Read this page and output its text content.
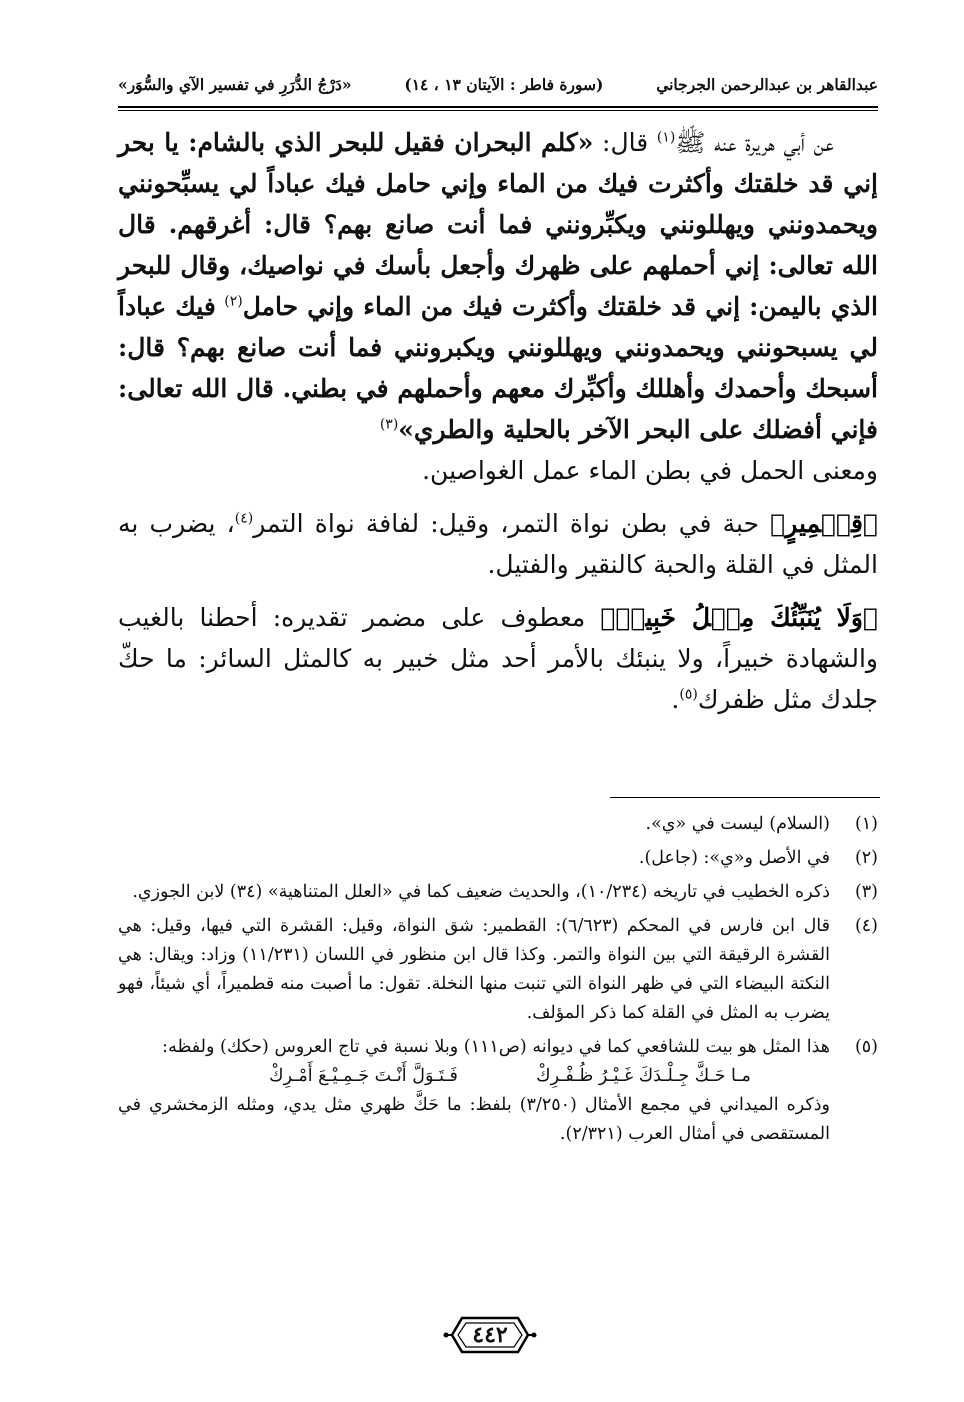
عبدالقاهر بن عبدالرحمن الجرجاني
(سورة فاطر : الآيتان ١٣ ، ١٤)
«دَرْجُ الدُّرَرِ في تفسير الآي والسُّوَر»

عن أبي هريرة عنه ﷺ$^{(١)}$ قال: «كلم البحران فقيل للبحر الذي بالشام: يا بحر إني قد خلقتك وأكثرت فيك من الماء وإني حامل فيك عباداً لي يسبِّحونني ويحمدونني ويهللونني ويكبِّرونني فما أنت صانع بهم؟ قال: أغرقهم. قال الله تعالى: إني أحملهم على ظهرك وأجعل بأسك في نواصيك، وقال للبحر الذي باليمن: إني قد خلقتك وأكثرت فيك من الماء وإني حامل$^{(٢)}$ فيك عباداً لي يسبحونني ويحمدونني ويهللونني ويكبرونني فما أنت صانع بهم؟ قال: أسبحك وأحمدك وأهللك وأكبِّرك معهم وأحملهم في بطني. قال الله تعالى: فإني أفضلك على البحر الآخر بالحلية والطري»$^{(٣)}$
ومعنى الحمل في بطن الماء عمل الغواصين.

﴿قِطۡمِيرٍ﴾ حبة في بطن نواة التمر، وقيل: لفافة نواة التمر$^{(٤)}$، يضرب به المثل في القلة والحبة كالنقير والفتيل.

﴿وَلَا يُنَبِّئُكَ مِثۡلُ خَبِيرٖ﴾ معطوف على مضمر تقديره: أحطنا بالغيب والشهادة خبيراً، ولا ينبئك بالأمر أحد مثل خبير به كالمثل السائر: ما حكّ جلدك مثل ظفرك$^{(٥)}$.

(١)
(السلام) ليست في «ي».
(٢)
في الأصل و«ي»: (جاعل).
(٣)
ذكره الخطيب في تاريخه (١٠/٢٣٤)، والحديث ضعيف كما في «العلل المتناهية» (٣٤) لابن الجوزي.
(٤)
قال ابن فارس في المحكم (٦/٦٢٣): القطمير: شق النواة، وقيل: القشرة التي فيها، وقيل: هي القشرة الرقيقة التي بين النواة والتمر. وكذا قال ابن منظور في اللسان (١١/٢٣١) وزاد: ويقال: هي النكتة البيضاء التي في ظهر النواة التي تنبت منها النخلة. تقول: ما أصبت منه قطميراً، أي شيئاً، فهو يضرب به المثل في القلة كما ذكر المؤلف.
(٥)
هذا المثل هو بيت للشافعي كما في ديوانه (ص١١١) وبلا نسبة في تاج العروس (حكك) ولفظه:
مـا حَـكَّ جِـلْـدَكَ غَـيْـرُ ظُـفْـرِكْ
فَـتَـوَلَّ أَنْـتَ جَـمِـيْـعَ أَمْـرِكْ
وذكره الميداني في مجمع الأمثال (٣/٢٥٠) بلفظ: ما حَكَّ ظهري مثل يدي، ومثله الزمخشري في المستقصى في أمثال العرب (٢/٣٢١).
٤٤٢
